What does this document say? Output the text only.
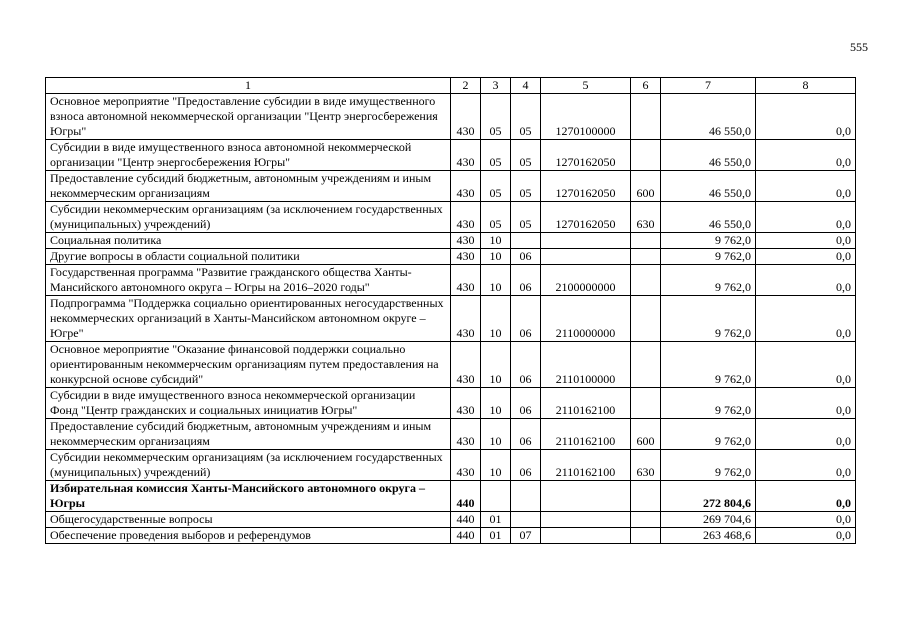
555
1	2	3	4	5	6	7	8
Основное мероприятие "Предоставление субсидии в виде имущественного взноса автономной некоммерческой организации "Центр энергосбережения Югры"	430	05	05	1270100000		46 550,0	0,0
Субсидии в виде имущественного взноса автономной некоммерческой организации "Центр энергосбережения Югры"	430	05	05	1270162050		46 550,0	0,0
Предоставление субсидий бюджетным, автономным учреждениям и иным некоммерческим организациям	430	05	05	1270162050	600	46 550,0	0,0
Субсидии некоммерческим организациям (за исключением государственных (муниципальных) учреждений)	430	05	05	1270162050	630	46 550,0	0,0
Социальная политика	430	10				9 762,0	0,0
Другие вопросы в области социальной политики	430	10	06			9 762,0	0,0
Государственная программа "Развитие гражданского общества Ханты-Мансийского автономного округа – Югры на 2016–2020 годы"	430	10	06	2100000000		9 762,0	0,0
Подпрограмма "Поддержка социально ориентированных негосударственных некоммерческих организаций в Ханты-Мансийском автономном округе – Югре"	430	10	06	2110000000		9 762,0	0,0
Основное мероприятие "Оказание финансовой поддержки социально ориентированным некоммерческим организациям путем предоставления на конкурсной основе субсидий"	430	10	06	2110100000		9 762,0	0,0
Субсидии в виде имущественного взноса некоммерческой организации Фонд "Центр гражданских и социальных инициатив Югры"	430	10	06	2110162100		9 762,0	0,0
Предоставление субсидий бюджетным, автономным учреждениям и иным некоммерческим организациям	430	10	06	2110162100	600	9 762,0	0,0
Субсидии некоммерческим организациям (за исключением государственных (муниципальных) учреждений)	430	10	06	2110162100	630	9 762,0	0,0
Избирательная комиссия Ханты-Мансийского автономного округа – Югры	440					272 804,6	0,0
Общегосударственные вопросы	440	01				269 704,6	0,0
Обеспечение проведения выборов и референдумов	440	01	07			263 468,6	0,0
